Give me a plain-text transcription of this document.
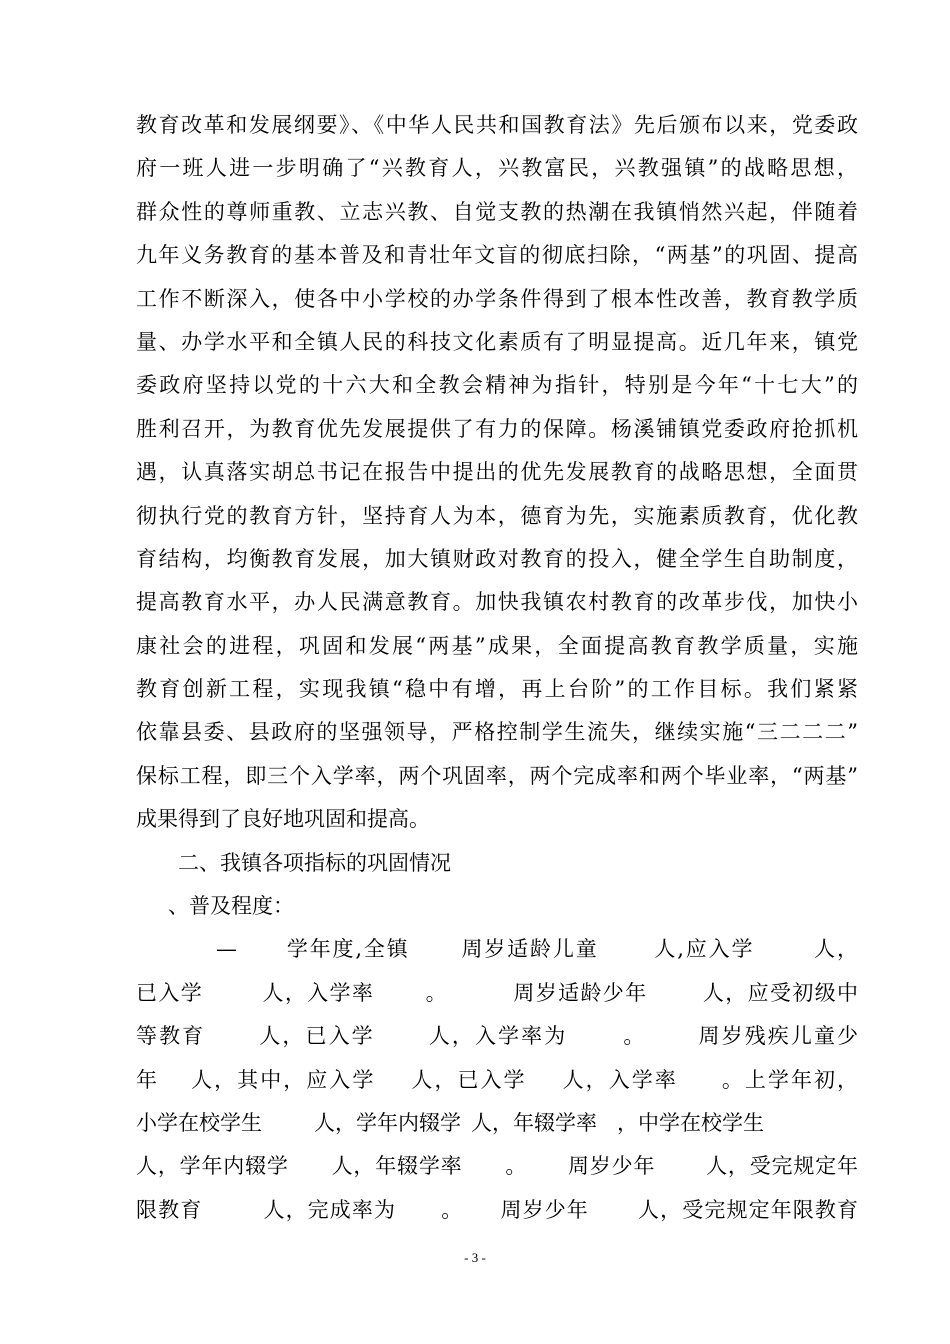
教育改革和发展纲要》、《中华人民共和国教育法》先后颁布以来，党委政
府一班人进一步明确了“兴教育人，兴教富民，兴教强镇”的战略思想，
群众性的尊师重教、立志兴教、自觉支教的热潮在我镇悄然兴起，伴随着
九年义务教育的基本普及和青壮年文盲的彻底扫除，“两基”的巩固、提高
工作不断深入，使各中小学校的办学条件得到了根本性改善，教育教学质
量、办学水平和全镇人民的科技文化素质有了明显提高。近几年来，镇党
委政府坚持以党的十六大和全教会精神为指针，特别是今年“十七大”的
胜利召开，为教育优先发展提供了有力的保障。杨溪铺镇党委政府抢抓机
遇，认真落实胡总书记在报告中提出的优先发展教育的战略思想，全面贯
彻执行党的教育方针，坚持育人为本，德育为先，实施素质教育，优化教
育结构，均衡教育发展，加大镇财政对教育的投入，健全学生自助制度，
提高教育水平，办人民满意教育。加快我镇农村教育的改革步伐，加快小
康社会的进程，巩固和发展“两基”成果，全面提高教育教学质量，实施
教育创新工程，实现我镇“稳中有增，再上台阶”的工作目标。我们紧紧
依靠县委、县政府的坚强领导，严格控制学生流失，继续实施“三二二二”
保标工程，即三个入学率，两个巩固率，两个完成率和两个毕业率，“两基”
成果得到了良好地巩固和提高。
二、我镇各项指标的巩固情况
、普及程度：
— 学年度,全镇 周岁适龄儿童	人,应入学	人，
已入学	人，入学率 。	周岁适龄少年	人，应受初级中
等教育 人，已入学 人，入学率为	。 周岁残疾儿童少
年 人，其中，应入学 人，已入学 人，入学率 。上学年初，
小学在校学生 人，学年内辍学 人，年辍学率 ，中学在校学生
人，学年内辍学 人，年辍学率 。 周岁少年 人，受完规定年
限教育	人，完成率为 。 周岁少年 人，受完规定年限教育
- 3 -
